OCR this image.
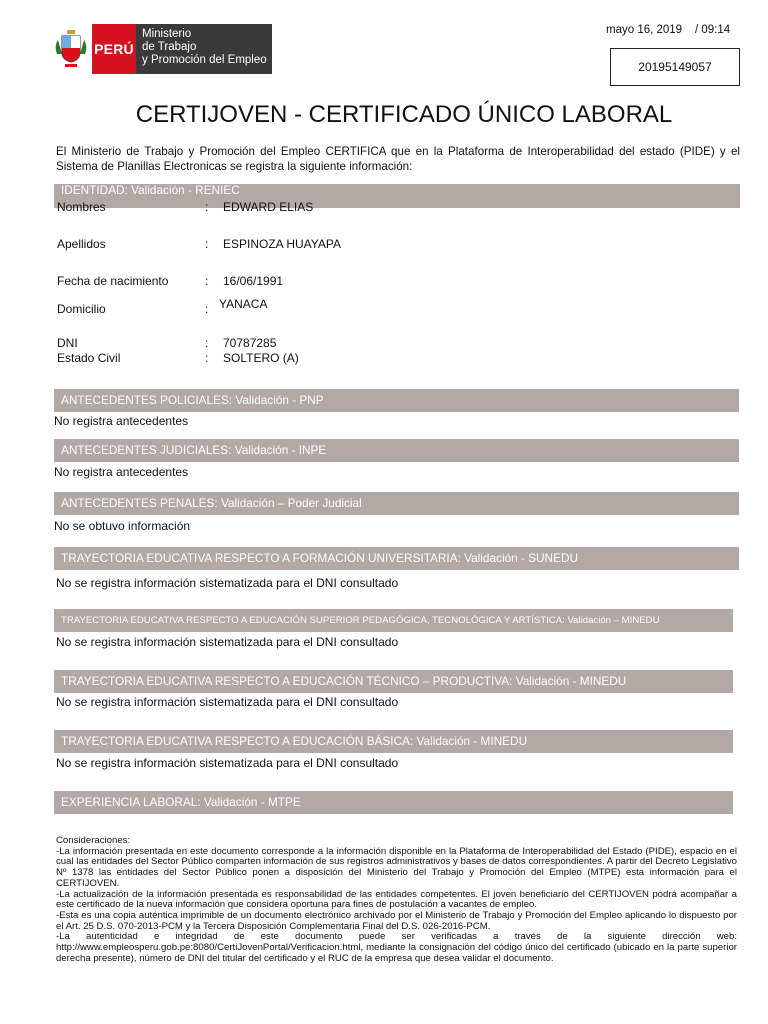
PERÚ
Ministerio
de Trabajo
y Promoción del Empleo
mayo 16, 2019 / 09:14
20195149057
CERTIJOVEN - CERTIFICADO ÚNICO LABORAL
El Ministerio de Trabajo y Promoción del Empleo CERTIFICA que en la Plataforma de Interoperabilidad del estado (PIDE) y el Sistema de Planillas Electronicas se registra la siguiente información:
IDENTIDAD: Validación - RENIEC
Nombres	: EDWARD ELIAS
Apellidos	: ESPINOZA HUAYAPA
Fecha de nacimiento	: 16/06/1991
Domicilio	: YANACA
DNI	: 70787285
Estado Civil	: SOLTERO (A)
ANTECEDENTES POLICIALES: Validación - PNP
No registra antecedentes
ANTECEDENTES JUDICIALES: Validación - INPE
No registra antecedentes
ANTECEDENTES PENALES: Validación – Poder Judicial
No se obtuvo información
TRAYECTORIA EDUCATIVA RESPECTO A FORMACIÓN UNIVERSITARIA: Validación - SUNEDU
No se registra información sistematizada para el DNI consultado
TRAYECTORIA EDUCATIVA RESPECTO A EDUCACIÓN SUPERIOR PEDAGÓGICA, TECNOLÓGICA Y ARTÍSTICA: Validación – MINEDU
No se registra información sistematizada para el DNI consultado
TRAYECTORIA EDUCATIVA RESPECTO A EDUCACIÓN TÉCNICO – PRODUCTIVA: Validación - MINEDU
No se registra información sistematizada para el DNI consultado
TRAYECTORIA EDUCATIVA RESPECTO A EDUCACIÓN BÁSICA: Validación - MINEDU
No se registra información sistematizada para el DNI consultado
EXPERIENCIA LABORAL: Validación - MTPE

Consideraciones:

-La información presentada en este documento corresponde a la información disponible en la Plataforma de Interoperabilidad del Estado (PIDE), espacio en el cual las entidades del Sector Público comparten información de sus registros administrativos y bases de datos correspondientes. A partir del Decreto Legislativo Nº 1378 las entidades del Sector Público ponen a disposición del Ministerio del Trabajo y Promoción del Empleo (MTPE) esta información para el CERTIJOVEN.

-La actualización de la información presentada es responsabilidad de las entidades competentes. El joven beneficiario del CERTIJOVEN podrá acompañar a este certificado de la nueva información que considera oportuna para fines de postulación a vacantes de empleo.

-Esta es una copia auténtica imprimible de un documento electrónico archivado por el Ministerio de Trabajo y Promoción del Empleo aplicando lo dispuesto por el Art. 25 D.S. 070-2013-PCM y la Tercera Disposición Complementaria Final del D.S. 026-2016-PCM.

-La autenticidad e integridad de este documento puede ser verificadas a través de la siguiente dirección web: http://www.empleosperu.gob.pe:8080/CertiJovenPortal/Verificacion.html, mediante la consignación del código único del certificado (ubicado en la parte superior derecha presente), número de DNI del titular del certificado y el RUC de la empresa que desea validar el documento.
